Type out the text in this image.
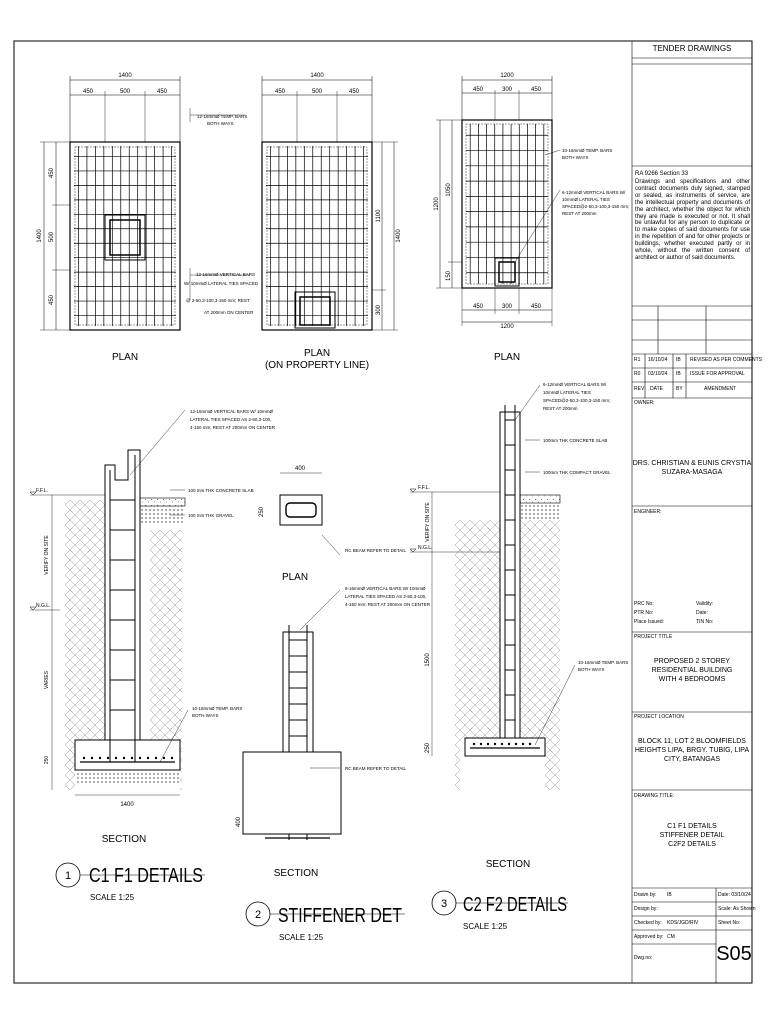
1400
450	500	450
1400
450
500
450
PLAN
12-16mmØ TEMP. BARS
BOTH WAYS
12-16mmØ VERTICAL BARS
W/ 10mmØ LATERAL TIES SPACED
@ 2-50,3-100,3-150 mm; REST
AT 200mm ON CENTER
1400
450	500	450
1400
1100
300
PLAN
(ON PROPERTY LINE)
1200
450	300	450
1200
1050
150
450	300	450
1200
PLAN
10-16mmØ TEMP. BARS
BOTH WAYS
6-12mmØ VERTICAL BARS W/
10mmØ LATERAL TIES
SPACED@2-50,3-100,3-150 mm;
REST AT 200mm
F.F.L.
N.G.L.
VERIFY ON SITE
VARIES
250
1400
12-16mmØ VERTICAL BARS W/ 10mmØ
LATERAL TIES SPACED AS 2-50,3-100,
4-150 mm; REST AT 200mm ON CENTER
100 mm THK CONCRETE SLAB
100 mm THK GRAVEL
10-16mmØ TEMP. BARS
BOTH WAYS
SECTION
400
250
PLAN
RC BEAM REFER TO DETAIL
8-16mmØ VERTICAL BARS W/ 10mmØ
LATERAL TIES SPACED AS 2-50,3-100,
4-150 mm; REST AT 200mm ON CENTER
RC BEAM REFER TO DETAIL
400
SECTION
F.F.L.
N.G.L.
VERIFY ON SITE
1500
250
6-12mmØ VERTICAL BARS W/
10mmØ LATERAL TIES
SPACED@2-50,3-100,3-150 mm;
REST AT 200mm
100mm THK CONCRETE SLAB
100mm THK COMPACT GRAVEL
10-16mmØ TEMP. BARS
BOTH WAYS
SECTION
1 C1 F1 DETAILS
SCALE 1:25
2 STIFFENER DET
SCALE 1:25
3 C2 F2 DETAILS
SCALE 1:25
TENDER DRAWINGS
RA 9266 Section 33
Drawings and specifications and other contract documents duly signed, stamped or sealed, as instruments of service, are the intellectual property and documents of the architect, whether the object for which they are made is executed or not. It shall be unlawful for any person to duplicate or to make copies of said documents for use in the repetition of and for other projects or buildings, whether executed partly or in whole, without the written consent of architect or author of said documents.
R1 16/10/24 IB REVISED AS PER COMMENTS
R0 03/10/24 IB ISSUE FOR APPROVAL
REV DATE	BY	AMENDMENT
OWNER:
DRS. CHRISTIAN & EUNIS CRYSTIA
SUZARA-MASAGA
ENGINEER:
PRC No:	Validity:
PTR No:	Date:
Place Issued:	TIN No:
PROJECT TITLE
PROPOSED 2 STOREY
RESIDENTIAL BUILDING
WITH 4 BEDROOMS
PROJECT LOCATION
BLOCK 11, LOT 2 BLOOMFIELDS
HEIGHTS LIPA, BRGY. TUBIG, LIPA
CITY, BATANGAS
DRAWING TITLE:
C1 F1 DETAILS
STIFFENER DETAIL
C2F2 DETAILS
Drawn by: IB	Date: 03/10/24
Design by:	Scale: As Shown
Checked by: KDS/JGD/RIV	Sheet No:
Approved by: CM
Dwg.no:	S05
